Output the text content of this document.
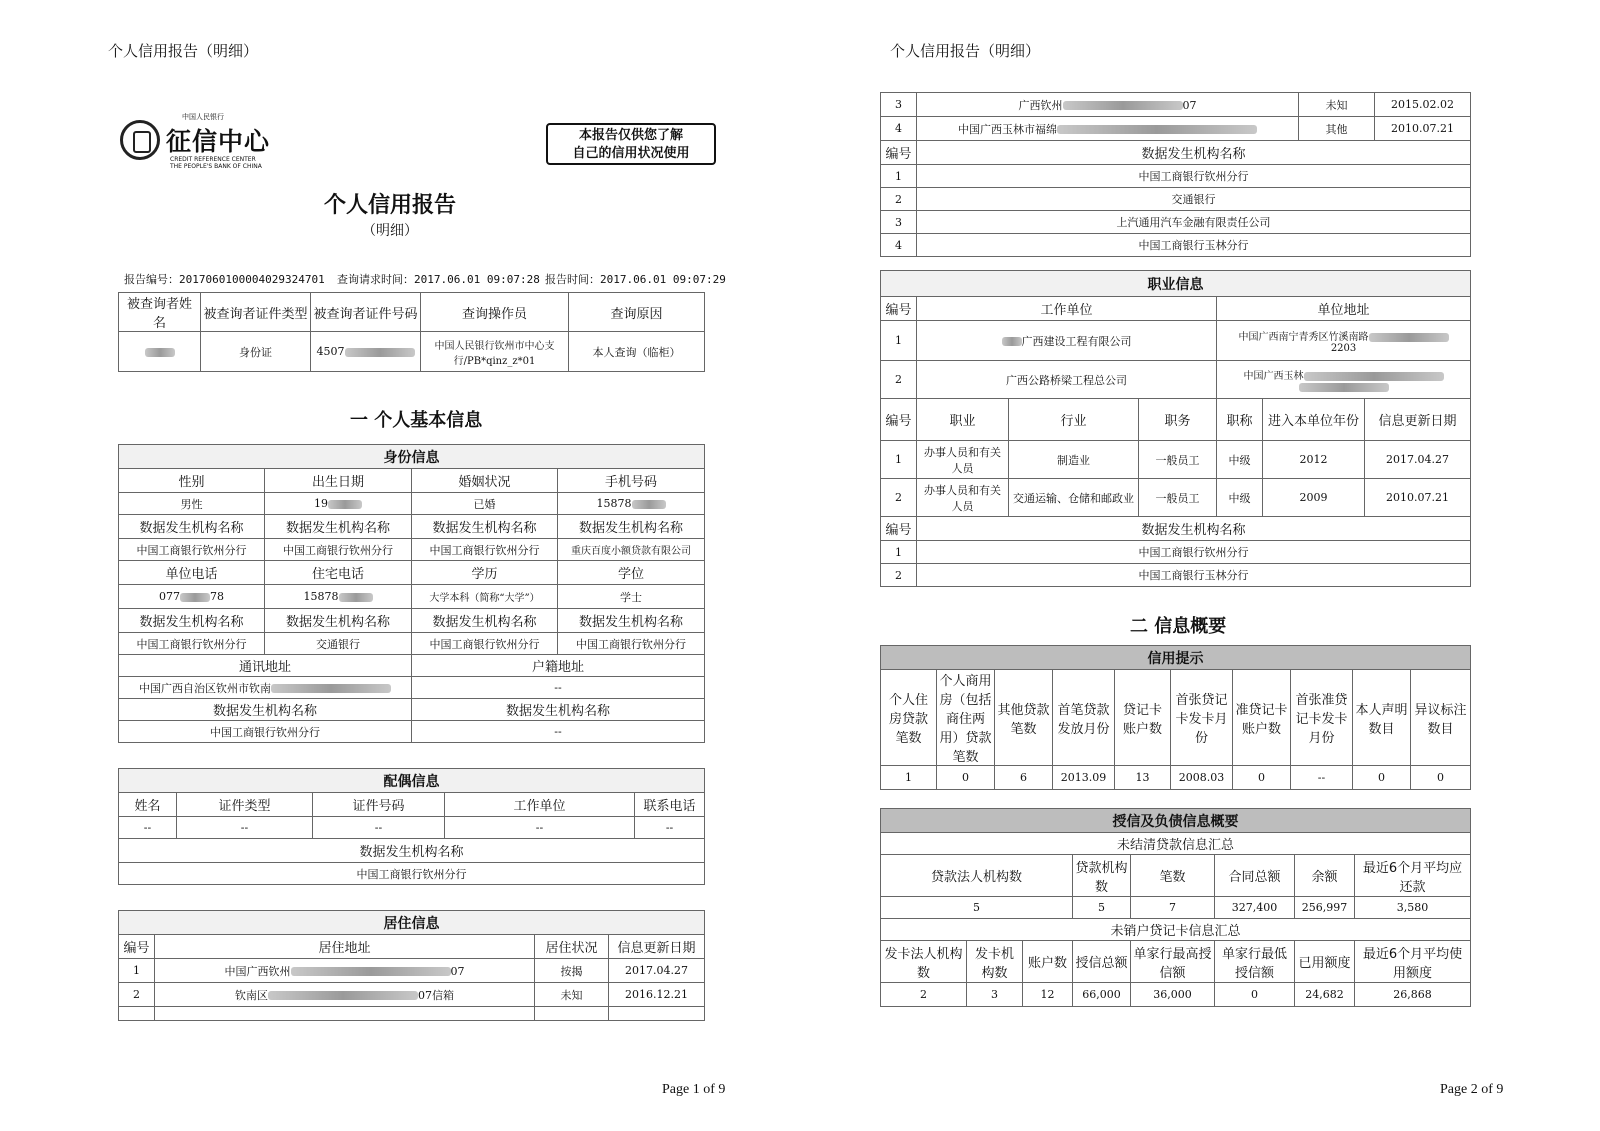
个人信用报告（明细）
中国人民银行
征信中心
CREDIT REFERENCE CENTER
THE PEOPLE'S BANK OF CHINA
本报告仅供您了解
自己的信用状况使用
个人信用报告
（明细）
报告编号：2017060100004029324701 查询请求时间：2017.06.01 09:07:28 报告时间：2017.06.01 09:07:29
被查询者姓名	被查询者证件类型	被查询者证件号码	查询操作员	查询原因
	身份证	4507	中国人民银行钦州市中心支行/PB*qinz_z*01	本人查询（临柜）
一 个人基本信息
身份信息			
性别	出生日期	婚姻状况	手机号码
男性	19	已婚	15878
数据发生机构名称	数据发生机构名称	数据发生机构名称	数据发生机构名称
中国工商银行钦州分行	中国工商银行钦州分行	中国工商银行钦州分行	重庆百度小额贷款有限公司
单位电话	住宅电话	学历	学位
077 78	15878	大学本科（简称“大学”）	学士
数据发生机构名称	数据发生机构名称	数据发生机构名称	数据发生机构名称
中国工商银行钦州分行	交通银行	中国工商银行钦州分行	中国工商银行钦州分行
通讯地址		户籍地址	
中国广西自治区钦州市钦南		--	
数据发生机构名称		数据发生机构名称	
中国工商银行钦州分行		--	
配偶信息				
姓名	证件类型	证件号码	工作单位	联系电话
--	--	--	--	--
数据发生机构名称				
中国工商银行钦州分行				
居住信息			
编号	居住地址	居住状况	信息更新日期
1	中国广西钦州 07	按揭	2017.04.27
2	钦南区 07信箱	未知	2016.12.21

Page 1 of 9
个人信用报告（明细）
3	广西钦州 07	未知	2015.02.02
4	中国广西玉林市福绵	其他	2010.07.21
编号	数据发生机构名称		
1	中国工商银行钦州分行		
2	交通银行		
3	上汽通用汽车金融有限责任公司		
4	中国工商银行玉林分行		
职业信息						
编号	工作单位			单位地址		
1	广西建设工程有限公司			中国广西南宁青秀区竹溪南路
2203		
2	广西公路桥梁工程总公司			中国广西玉林		

编号	职业	行业	职务	职称	进入本单位年份	信息更新日期
1	办事人员和有关人员	制造业	一般员工	中级	2012	2017.04.27
2	办事人员和有关人员	交通运输、仓储和邮政业	一般员工	中级	2009	2010.07.21
编号	数据发生机构名称					
1	中国工商银行钦州分行					
2	中国工商银行玉林分行					
二 信息概要
信用提示									
个人住房贷款笔数	个人商用房（包括商住两用）贷款笔数	其他贷款笔数	首笔贷款发放月份	贷记卡账户数	首张贷记卡发卡月份	准贷记卡账户数	首张准贷记卡发卡月份	本人声明数目	异议标注数目
1	0	6	2013.09	13	2008.03	0	--	0	0
授信及负债信息概要							
未结清贷款信息汇总							
贷款法人机构数			贷款机构数	笔数	合同总额	余额	最近6个月平均应还款
5			5	7	327,400	256,997	3,580
未销户贷记卡信息汇总							
发卡法人机构数	发卡机构数	账户数	授信总额	单家行最高授信额	单家行最低授信额	已用额度	最近6个月平均使用额度
2	3	12	66,000	36,000	0	24,682	26,868
Page 2 of 9
